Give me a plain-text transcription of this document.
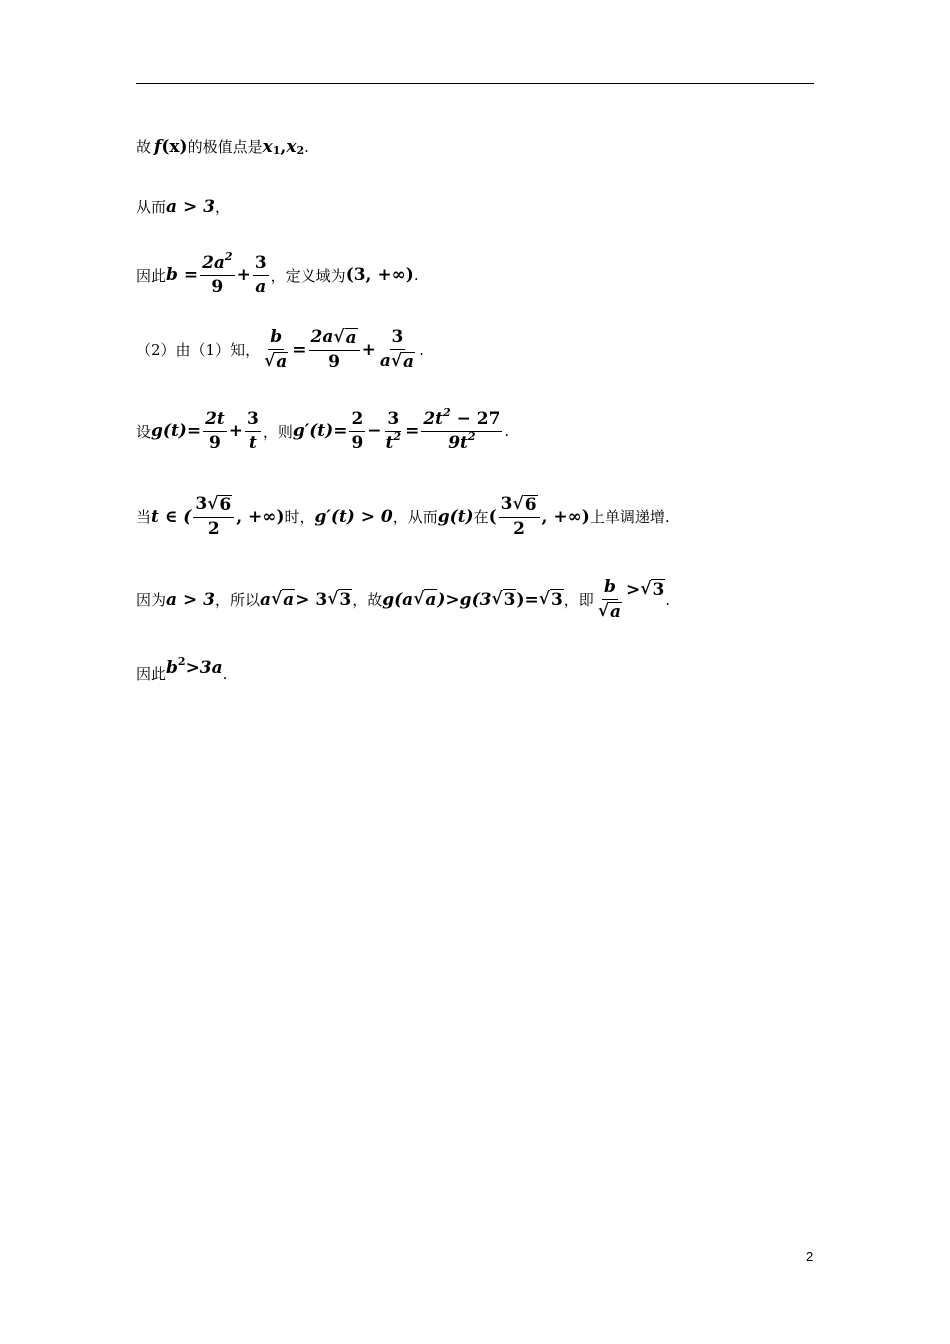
故 f (x) 的极值点是 x 1 , x 2 .
从而 a > 3 ，
因此 $b = \frac{2a^2}{9} + \frac{3}{a}$ ，定义域为 (3, +∞) .
（2）由（1）知， $\frac{b}{√ a} = \frac{2a √ a}{9} + \frac{3}{a √ a}$ .
设 $g(t)= \frac{2t}{9} + \frac{3}{t}$ ，则 $g'(t)= \frac{2}{9} - \frac{3}{t^2} = \frac{2t^2 - 27}{9t^2}$ .
当 t ∈ ( $\frac{3 √ 6}{2}$ , +∞) 时， g′(t) > 0 ，从而 g(t) 在 ( $\frac{3 √ 6}{2}$ , +∞) 上单调递增.
因为 a > 3 ，所以 a √ a > 3 √ 3 ，故 g(a √ a )>g(3 √ 3 )= √ 3 ，即 $\frac{b}{√ a}$ > √ 3 .
因此 b 2 >3a .
2
